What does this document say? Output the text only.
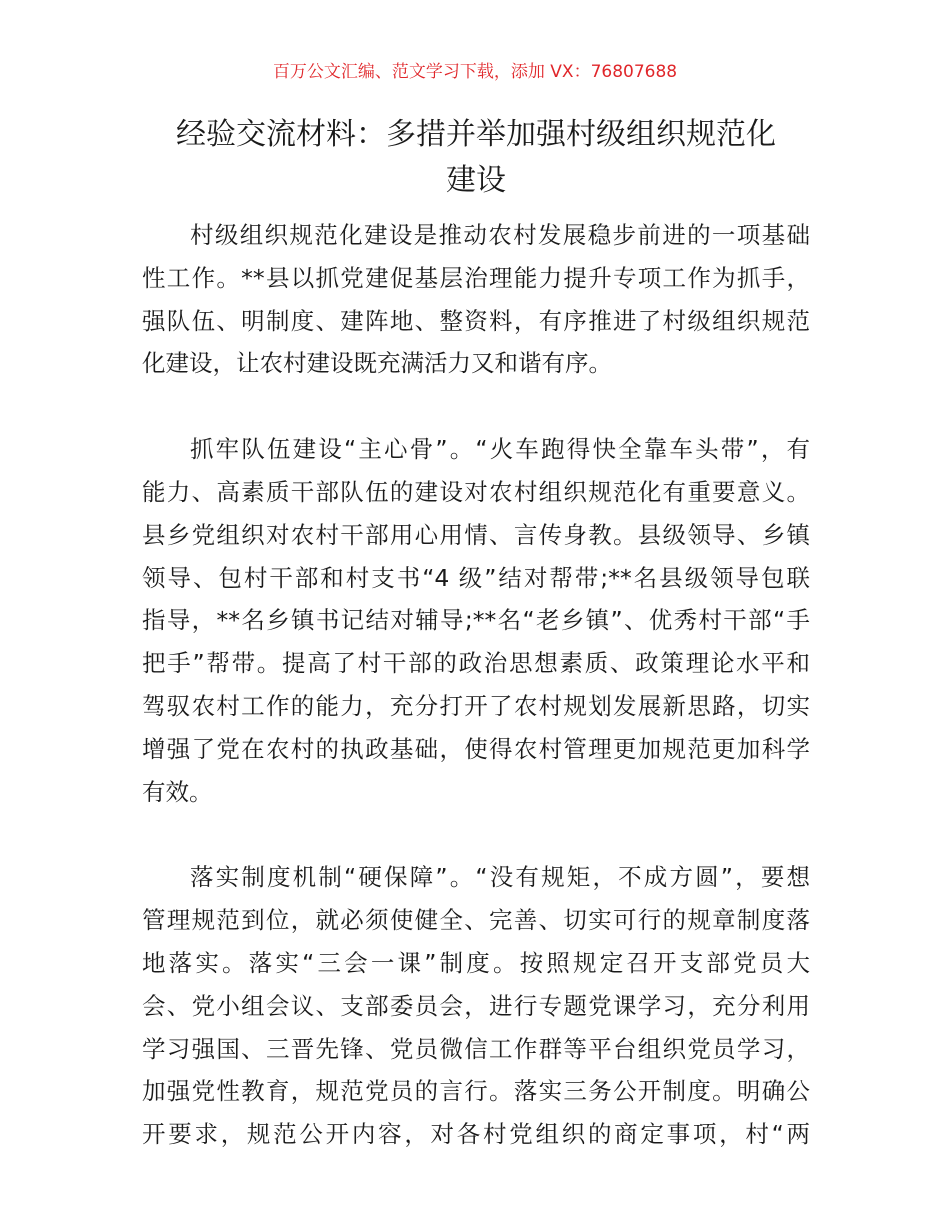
百万公文汇编、范文学习下载，添加 VX：76807688
经验交流材料：多措并举加强村级组织规范化
建设
村级组织规范化建设是推动农村发展稳步前进的一项基础
性工作。**县以抓党建促基层治理能力提升专项工作为抓手，
强队伍、明制度、建阵地、整资料，有序推进了村级组织规范
化建设，让农村建设既充满活力又和谐有序。
抓牢队伍建设“主心骨”。“火车跑得快全靠车头带”，有
能力、高素质干部队伍的建设对农村组织规范化有重要意义。
县乡党组织对农村干部用心用情、言传身教。县级领导、乡镇
领导、包村干部和村支书“4 级”结对帮带;**名县级领导包联
指导，**名乡镇书记结对辅导;**名“老乡镇”、优秀村干部“手
把手”帮带。提高了村干部的政治思想素质、政策理论水平和
驾驭农村工作的能力，充分打开了农村规划发展新思路，切实
增强了党在农村的执政基础，使得农村管理更加规范更加科学
有效。
落实制度机制“硬保障”。“没有规矩，不成方圆”，要想
管理规范到位，就必须使健全、完善、切实可行的规章制度落
地落实。落实“三会一课”制度。按照规定召开支部党员大
会、党小组会议、支部委员会，进行专题党课学习，充分利用
学习强国、三晋先锋、党员微信工作群等平台组织党员学习，
加强党性教育，规范党员的言行。落实三务公开制度。明确公
开要求，规范公开内容，对各村党组织的商定事项，村“两
